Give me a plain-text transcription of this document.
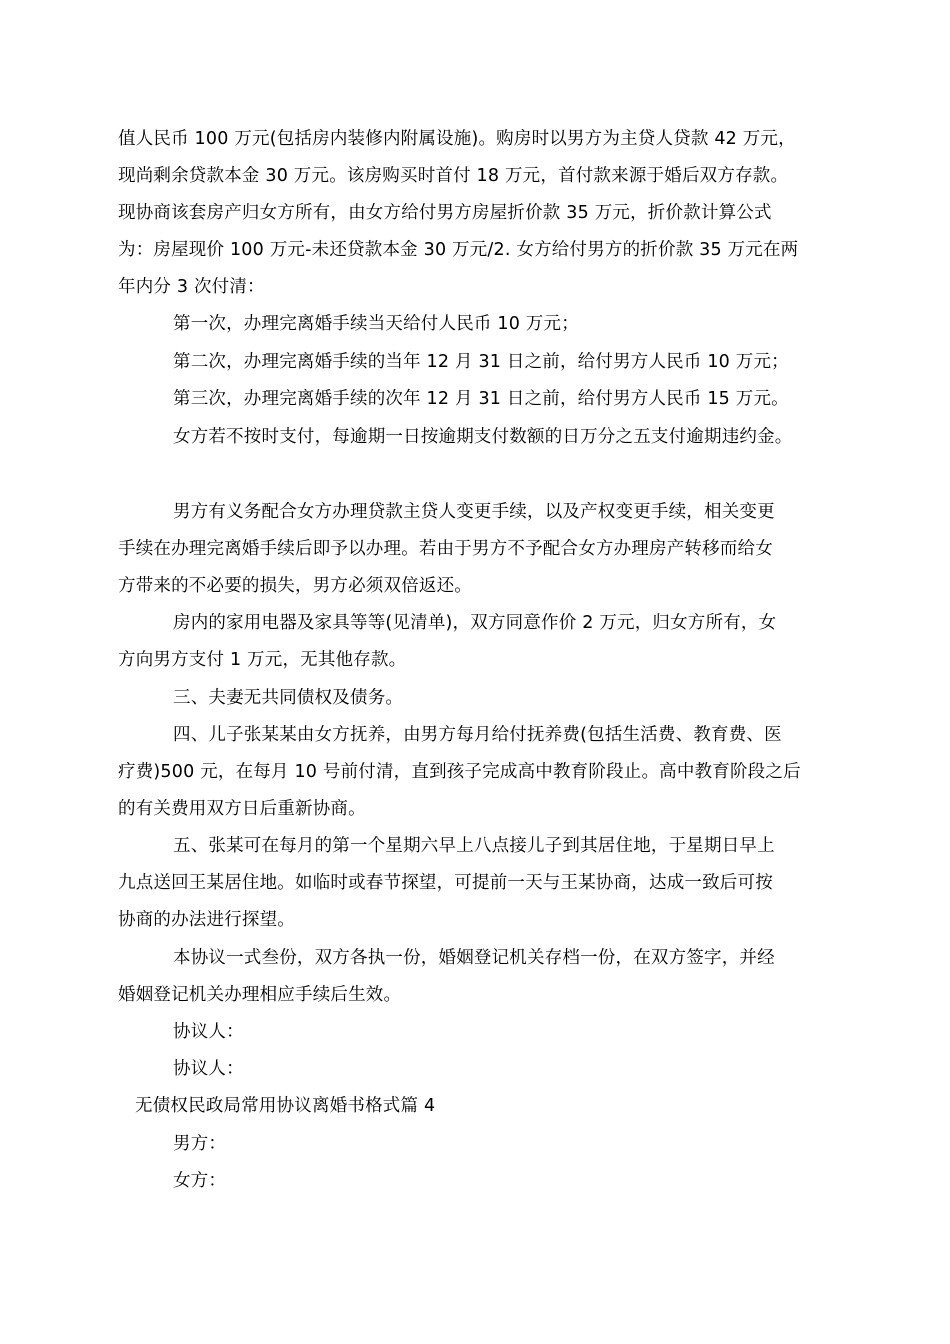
值人民币 100 万元(包括房内装修内附属设施)。购房时以男方为主贷人贷款 42 万元，
现尚剩余贷款本金 30 万元。该房购买时首付 18 万元，首付款来源于婚后双方存款。
现协商该套房产归女方所有，由女方给付男方房屋折价款 35 万元，折价款计算公式
为：房屋现价 100 万元-未还贷款本金 30 万元/2. 女方给付男方的折价款 35 万元在两
年内分 3 次付清：
第一次，办理完离婚手续当天给付人民币 10 万元；
第二次，办理完离婚手续的当年 12 月 31 日之前，给付男方人民币 10 万元；
第三次，办理完离婚手续的次年 12 月 31 日之前，给付男方人民币 15 万元。
女方若不按时支付，每逾期一日按逾期支付数额的日万分之五支付逾期违约金。
男方有义务配合女方办理贷款主贷人变更手续，以及产权变更手续，相关变更
手续在办理完离婚手续后即予以办理。若由于男方不予配合女方办理房产转移而给女
方带来的不必要的损失，男方必须双倍返还。
房内的家用电器及家具等等(见清单)，双方同意作价 2 万元，归女方所有，女
方向男方支付 1 万元，无其他存款。
三、夫妻无共同债权及债务。
四、儿子张某某由女方抚养，由男方每月给付抚养费(包括生活费、教育费、医
疗费)500 元，在每月 10 号前付清，直到孩子完成高中教育阶段止。高中教育阶段之后
的有关费用双方日后重新协商。
五、张某可在每月的第一个星期六早上八点接儿子到其居住地，于星期日早上
九点送回王某居住地。如临时或春节探望，可提前一天与王某协商，达成一致后可按
协商的办法进行探望。
本协议一式叁份，双方各执一份，婚姻登记机关存档一份，在双方签字，并经
婚姻登记机关办理相应手续后生效。
协议人：
协议人：
无债权民政局常用协议离婚书格式篇 4
男方：
女方：
